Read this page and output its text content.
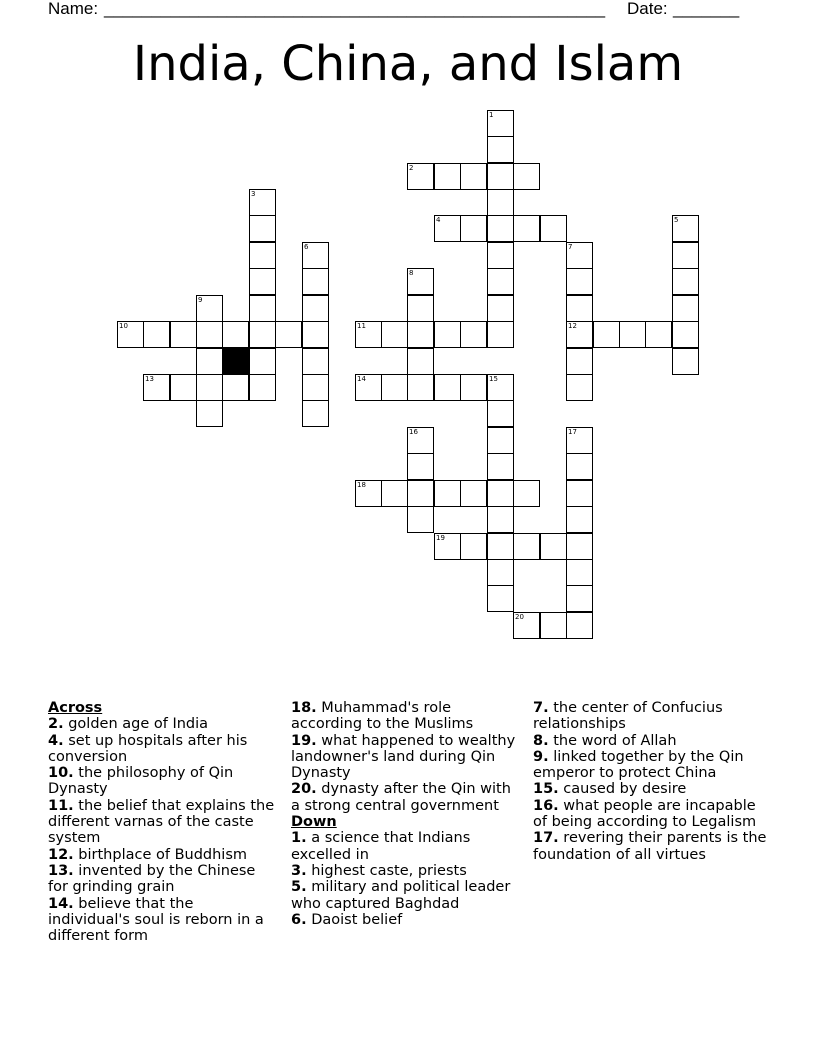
Name:

_____________________________________________________

Date:

_______

India, China, and Islam
1
2
3
4	5
6	7
8
9
10	11	12
13	14	15
16	17
18
19
20

Across

2. golden age of India

4. set up hospitals after his conversion

10. the philosophy of Qin Dynasty

11. the belief that explains the different varnas of the caste system

12. birthplace of Buddhism

13. invented by the Chinese for grinding grain

14. believe that the individual's soul is reborn in a different form

18. Muhammad's role according to the Muslims

19. what happened to wealthy landowner's land during Qin Dynasty

20. dynasty after the Qin with a strong central government

Down

1. a science that Indians excelled in

3. highest caste, priests

5. military and political leader who captured Baghdad

6. Daoist belief

7. the center of Confucius relationships

8. the word of Allah

9. linked together by the Qin emperor to protect China

15. caused by desire

16. what people are incapable of being according to Legalism

17. revering their parents is the foundation of all virtues
